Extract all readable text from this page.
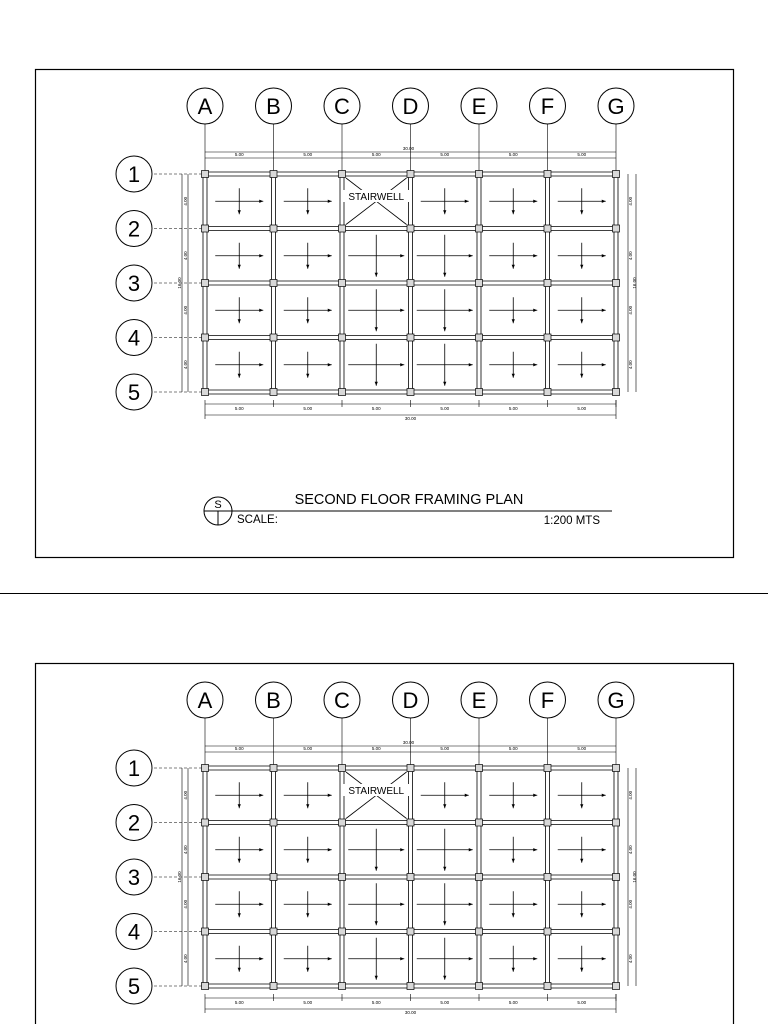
S	SECOND FLOOR FRAMING PLAN
SCALE:	1:200 MTS
A B C D E F G
1
2
3
4
5
30.00
5.00	5.00	5.00	5.00	5.00	5.00
5.00	5.00	5.00	5.00	5.00	5.00
30.00
4.00
4.00
4.00
4.00
16.00
4.00
4.00
4.00
4.00
16.00
STAIRWELL
A B C D E F G
1
2
3
4
5
30.00
5.00	5.00	5.00	5.00	5.00	5.00
5.00	5.00	5.00	5.00	5.00	5.00
30.00
4.00
4.00
4.00
4.00
16.00
4.00
4.00
4.00
4.00
16.00
STAIRWELL
